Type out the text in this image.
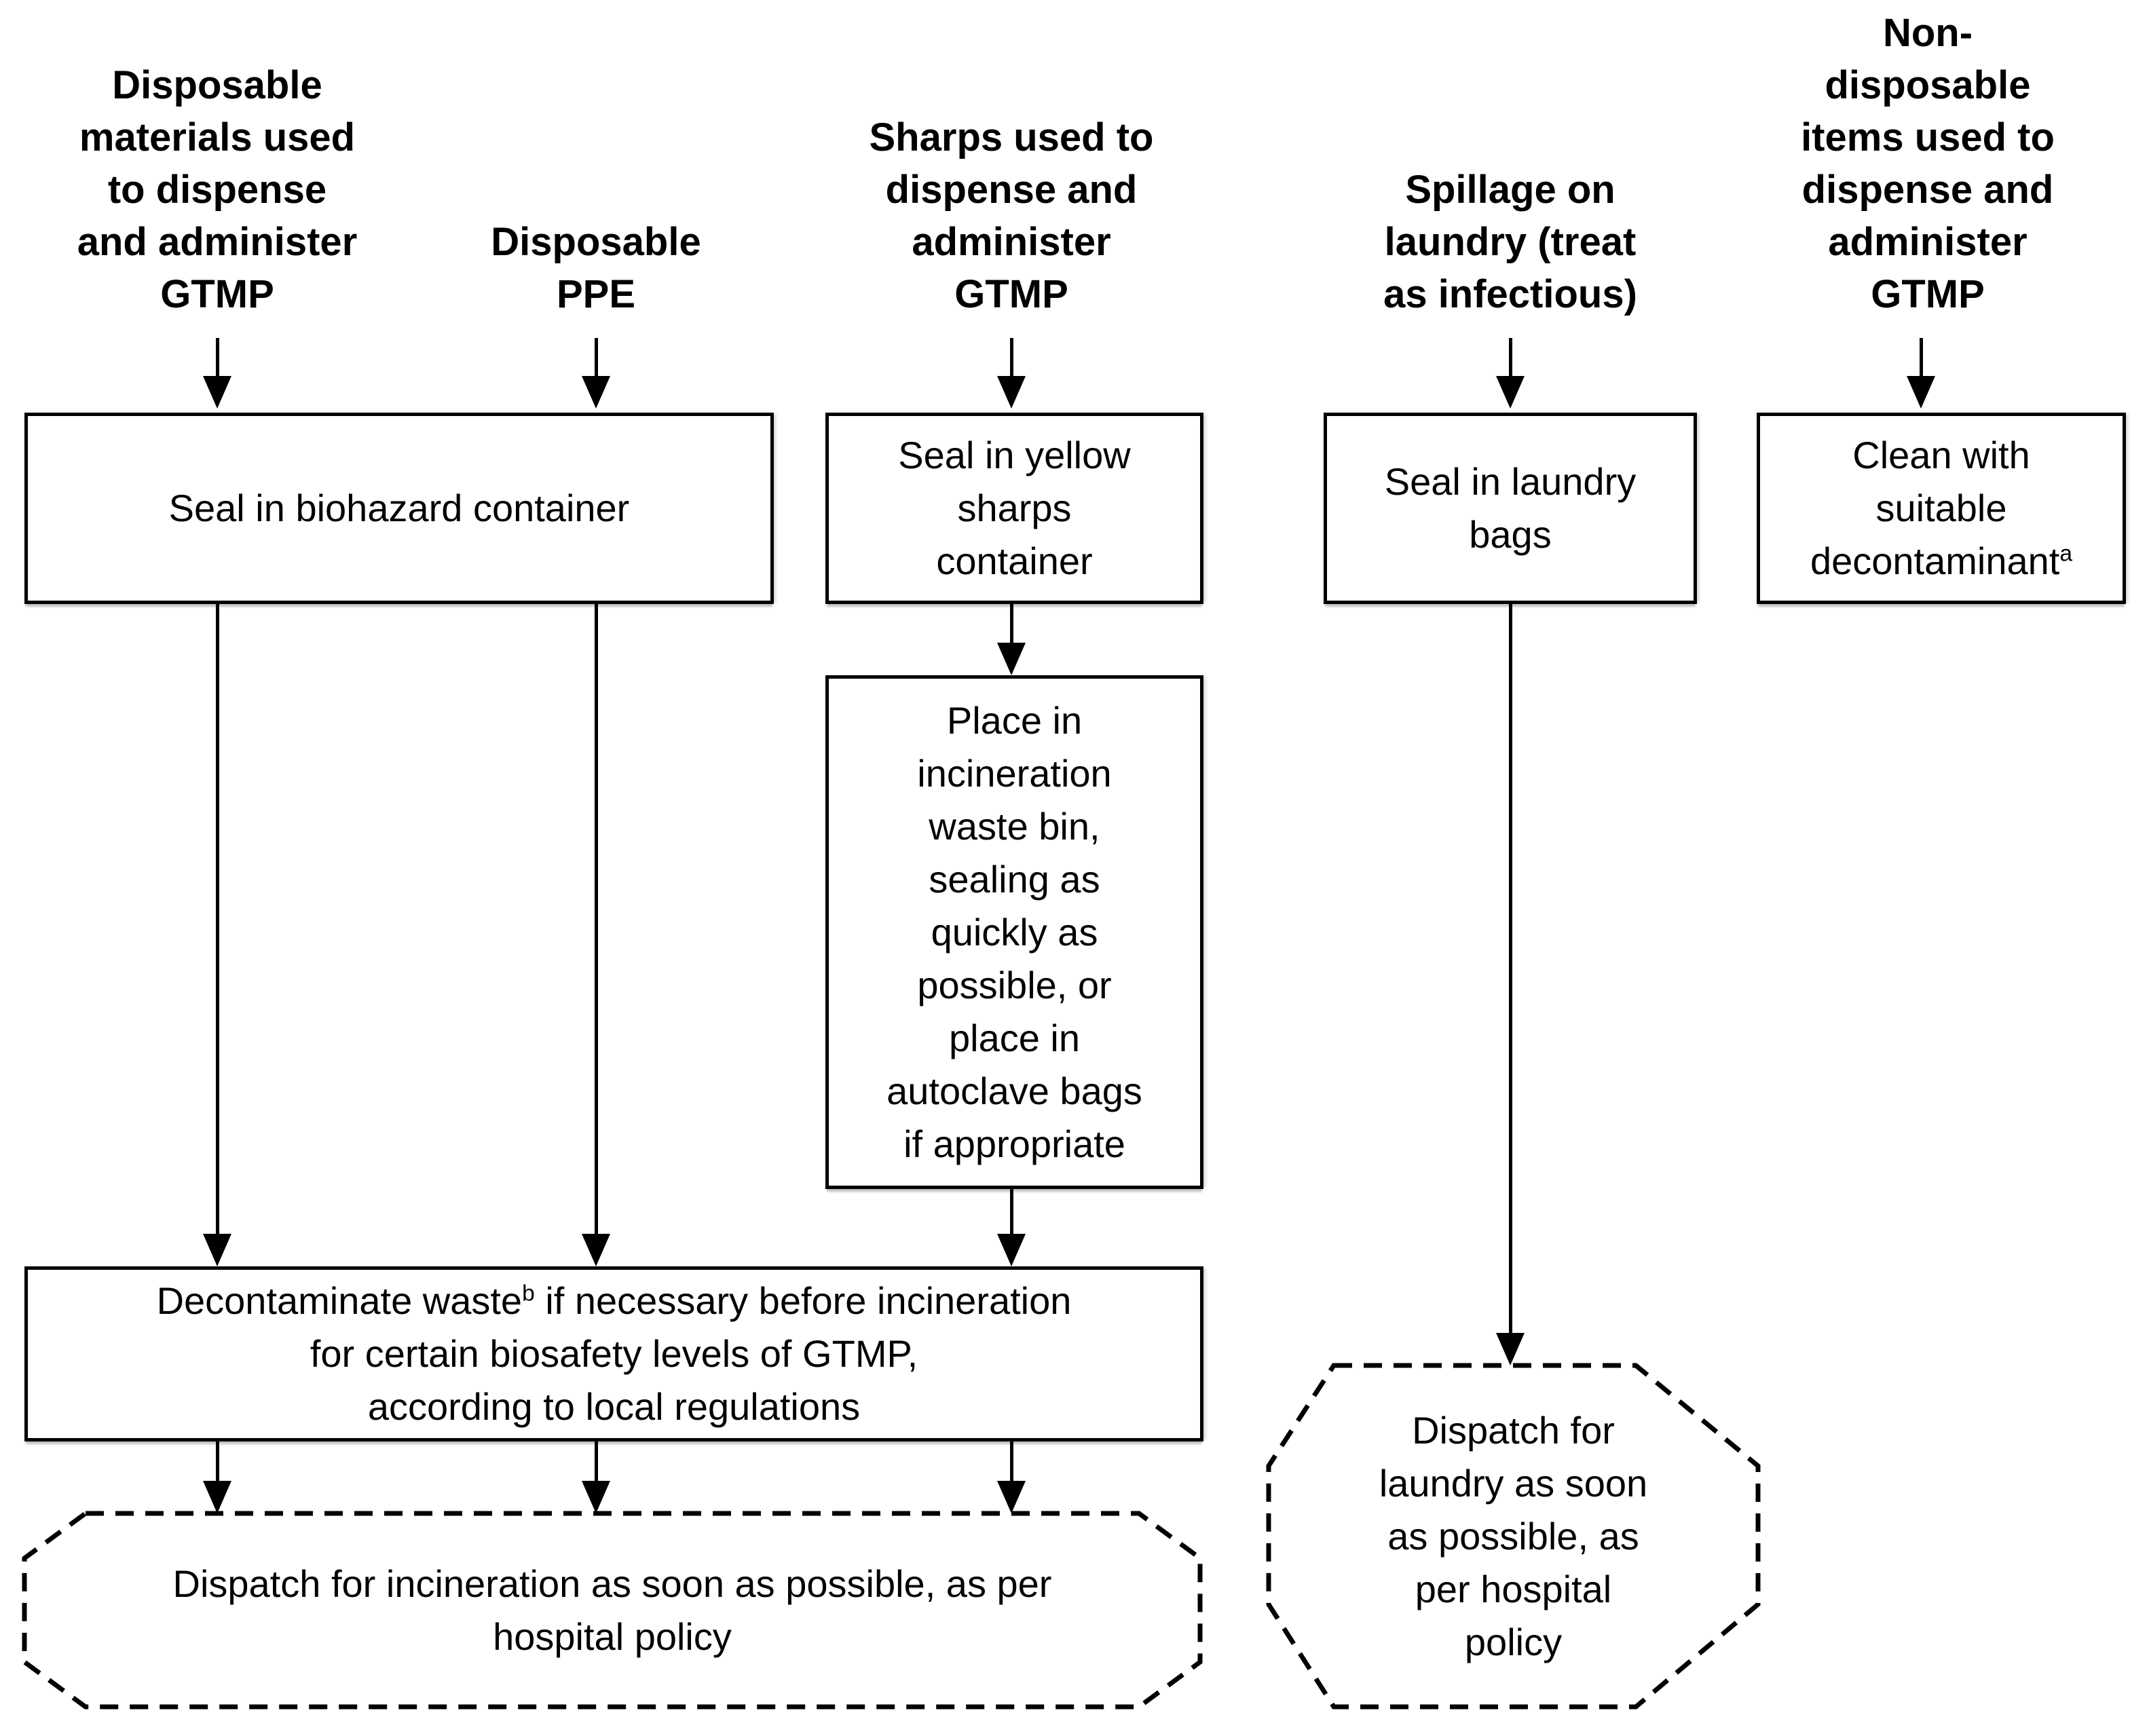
Disposable
materials used
to dispense
and administer
GTMP
Disposable
PPE
Sharps used to
dispense and
administer
GTMP
Spillage on
laundry (treat
as infectious)
Non-
disposable
items used to
dispense and
administer
GTMP
Seal in biohazard container
Seal in yellow
sharps
container
Seal in laundry
bags
Clean with
suitable
decontaminant$^a$
Place in
incineration
waste bin,
sealing as
quickly as
possible, or
place in
autoclave bags
if appropriate
Decontaminate waste$^b$ if necessary before incineration
for certain biosafety levels of GTMP,
according to local regulations
Dispatch for incineration as soon as possible, as per
hospital policy
Dispatch for
laundry as soon
as possible, as
per hospital
policy
